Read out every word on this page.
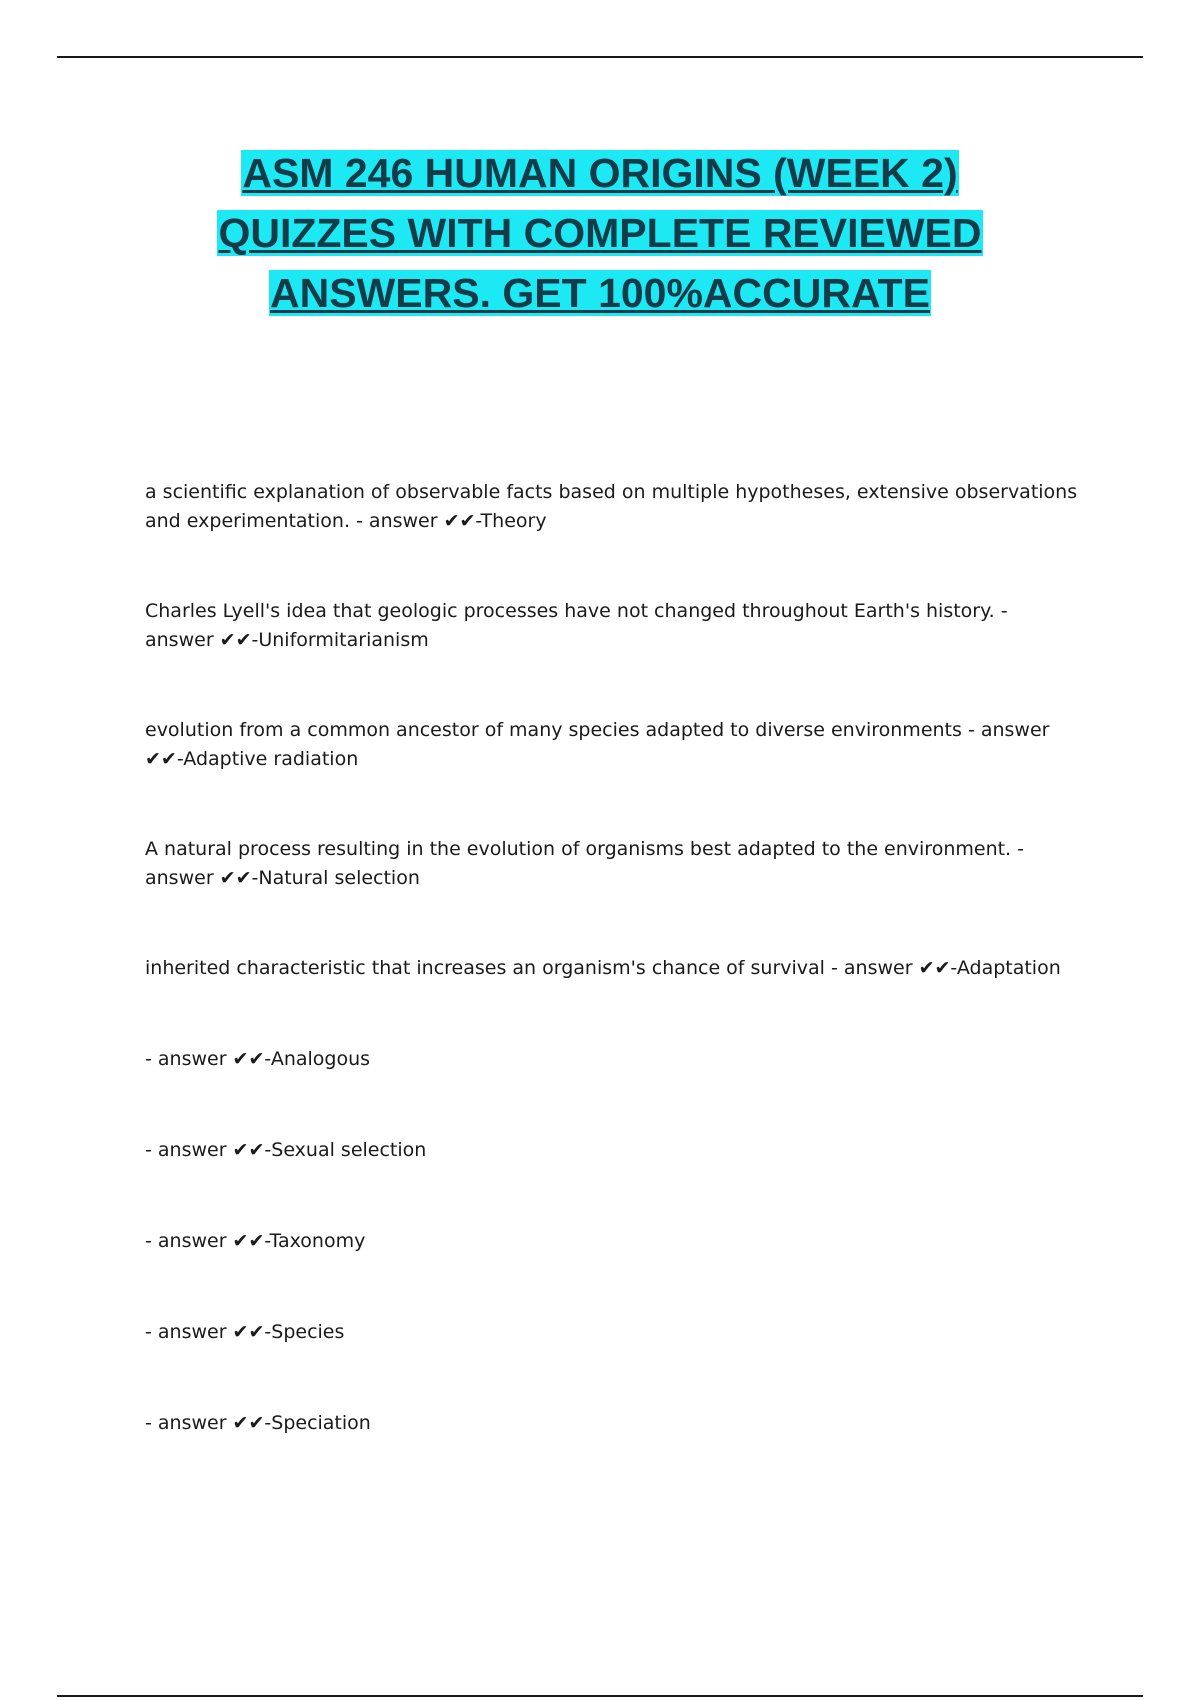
ASM 246 HUMAN ORIGINS (WEEK 2)
QUIZZES WITH COMPLETE REVIEWED
ANSWERS. GET 100%ACCURATE

a scientific explanation of observable facts based on multiple hypotheses, extensive observations and experimentation. - answer ✔✔-Theory

Charles Lyell's idea that geologic processes have not changed throughout Earth's history. - answer ✔✔-Uniformitarianism

evolution from a common ancestor of many species adapted to diverse environments - answer ✔✔-Adaptive radiation

A natural process resulting in the evolution of organisms best adapted to the environment. - answer ✔✔-Natural selection

inherited characteristic that increases an organism's chance of survival - answer ✔✔-Adaptation

- answer ✔✔-Analogous

- answer ✔✔-Sexual selection

- answer ✔✔-Taxonomy

- answer ✔✔-Species

- answer ✔✔-Speciation
